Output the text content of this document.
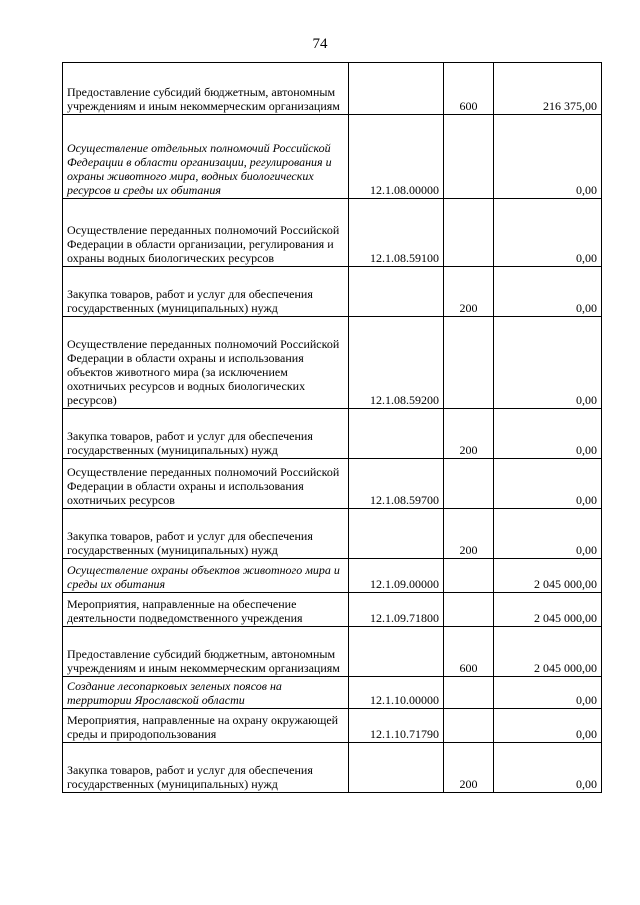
74
Предоставление субсидий бюджетным, автономным учреждениям и иным некоммерческим организациям		600	216 375,00
Осуществление отдельных полномочий Российской Федерации в области организации, регулирования и охраны животного мира, водных биологических ресурсов и среды их обитания	12.1.08.00000		0,00
Осуществление переданных полномочий Российской Федерации в области организации, регулирования и охраны водных биологических ресурсов	12.1.08.59100		0,00
Закупка товаров, работ и услуг для обеспечения государственных (муниципальных) нужд		200	0,00
Осуществление переданных полномочий Российской Федерации в области охраны и использования объектов животного мира (за исключением охотничьих ресурсов и водных биологических ресурсов)	12.1.08.59200		0,00
Закупка товаров, работ и услуг для обеспечения государственных (муниципальных) нужд		200	0,00
Осуществление переданных полномочий Российской Федерации в области охраны и использования охотничьих ресурсов	12.1.08.59700		0,00
Закупка товаров, работ и услуг для обеспечения государственных (муниципальных) нужд		200	0,00
Осуществление охраны объектов животного мира и среды их обитания	12.1.09.00000		2 045 000,00
Мероприятия, направленные на обеспечение деятельности подведомственного учреждения	12.1.09.71800		2 045 000,00
Предоставление субсидий бюджетным, автономным учреждениям и иным некоммерческим организациям		600	2 045 000,00
Создание лесопарковых зеленых поясов на территории Ярославской области	12.1.10.00000		0,00
Мероприятия, направленные на охрану окружающей среды и природопользования	12.1.10.71790		0,00
Закупка товаров, работ и услуг для обеспечения государственных (муниципальных) нужд		200	0,00
